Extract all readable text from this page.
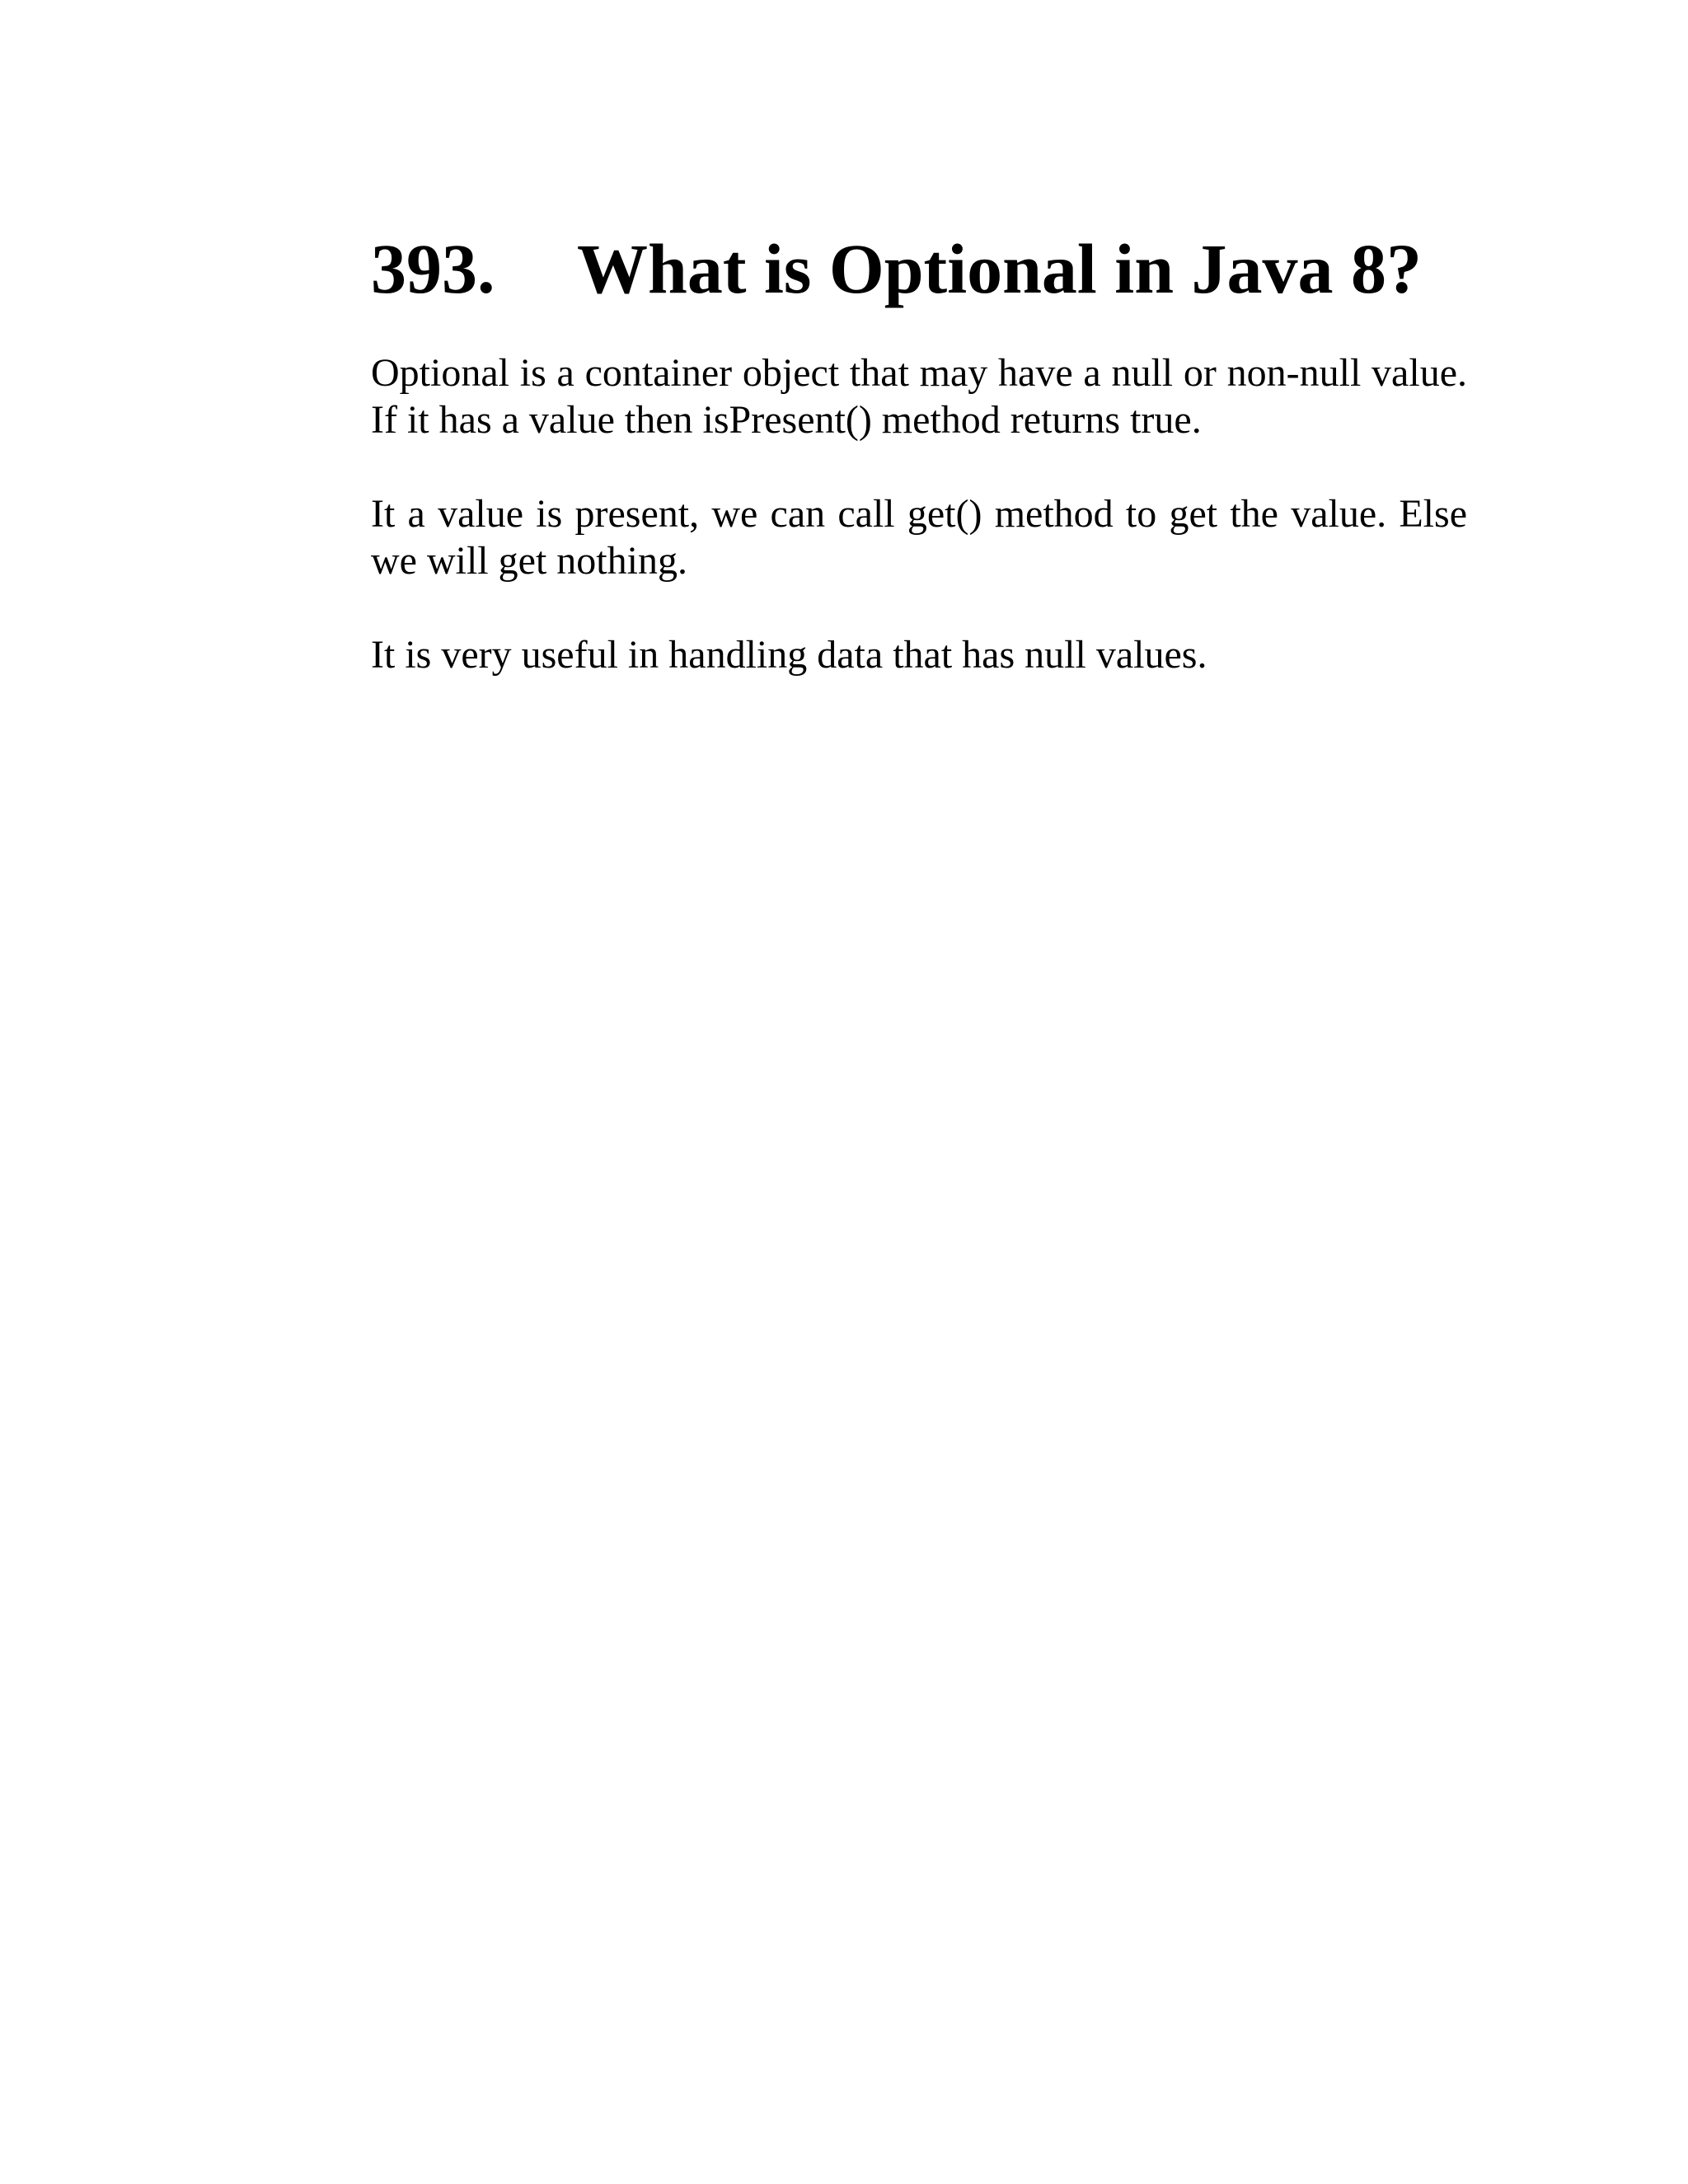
393.	What is Optional in Java 8?

Optional is a container object that may have a null or non-null value. If it has a value then isPresent() method returns true.

It a value is present, we can call get() method to get the value. Else we will get nothing.

It is very useful in handling data that has null values.
